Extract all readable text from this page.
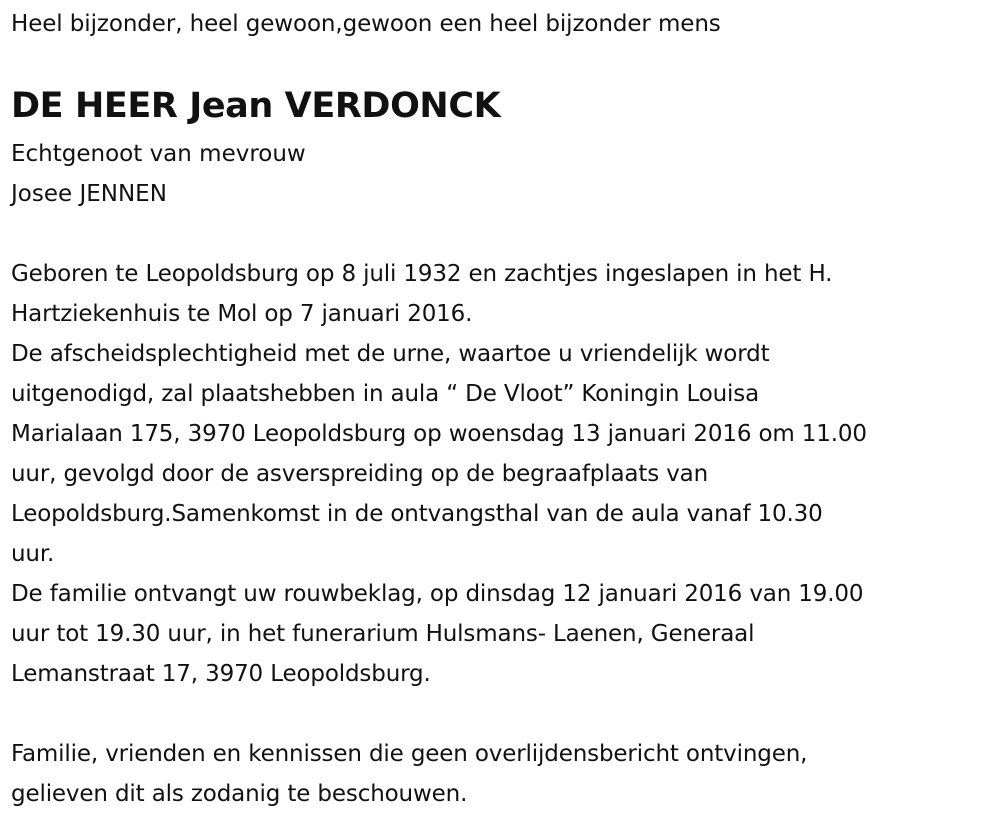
Heel bijzonder, heel gewoon,gewoon een heel bijzonder mens
DE HEER Jean VERDONCK
Echtgenoot van mevrouw
Josee JENNEN
Geboren te Leopoldsburg op 8 juli 1932 en zachtjes ingeslapen in het H.
Hartziekenhuis te Mol op 7 januari 2016.
De afscheidsplechtigheid met de urne, waartoe u vriendelijk wordt
uitgenodigd, zal plaatshebben in aula “ De Vloot” Koningin Louisa
Marialaan 175, 3970 Leopoldsburg op woensdag 13 januari 2016 om 11.00
uur, gevolgd door de asverspreiding op de begraafplaats van
Leopoldsburg.Samenkomst in de ontvangsthal van de aula vanaf 10.30
uur.
De familie ontvangt uw rouwbeklag, op dinsdag 12 januari 2016 van 19.00
uur tot 19.30 uur, in het funerarium Hulsmans- Laenen, Generaal
Lemanstraat 17, 3970 Leopoldsburg.
Familie, vrienden en kennissen die geen overlijdensbericht ontvingen,
gelieven dit als zodanig te beschouwen.
